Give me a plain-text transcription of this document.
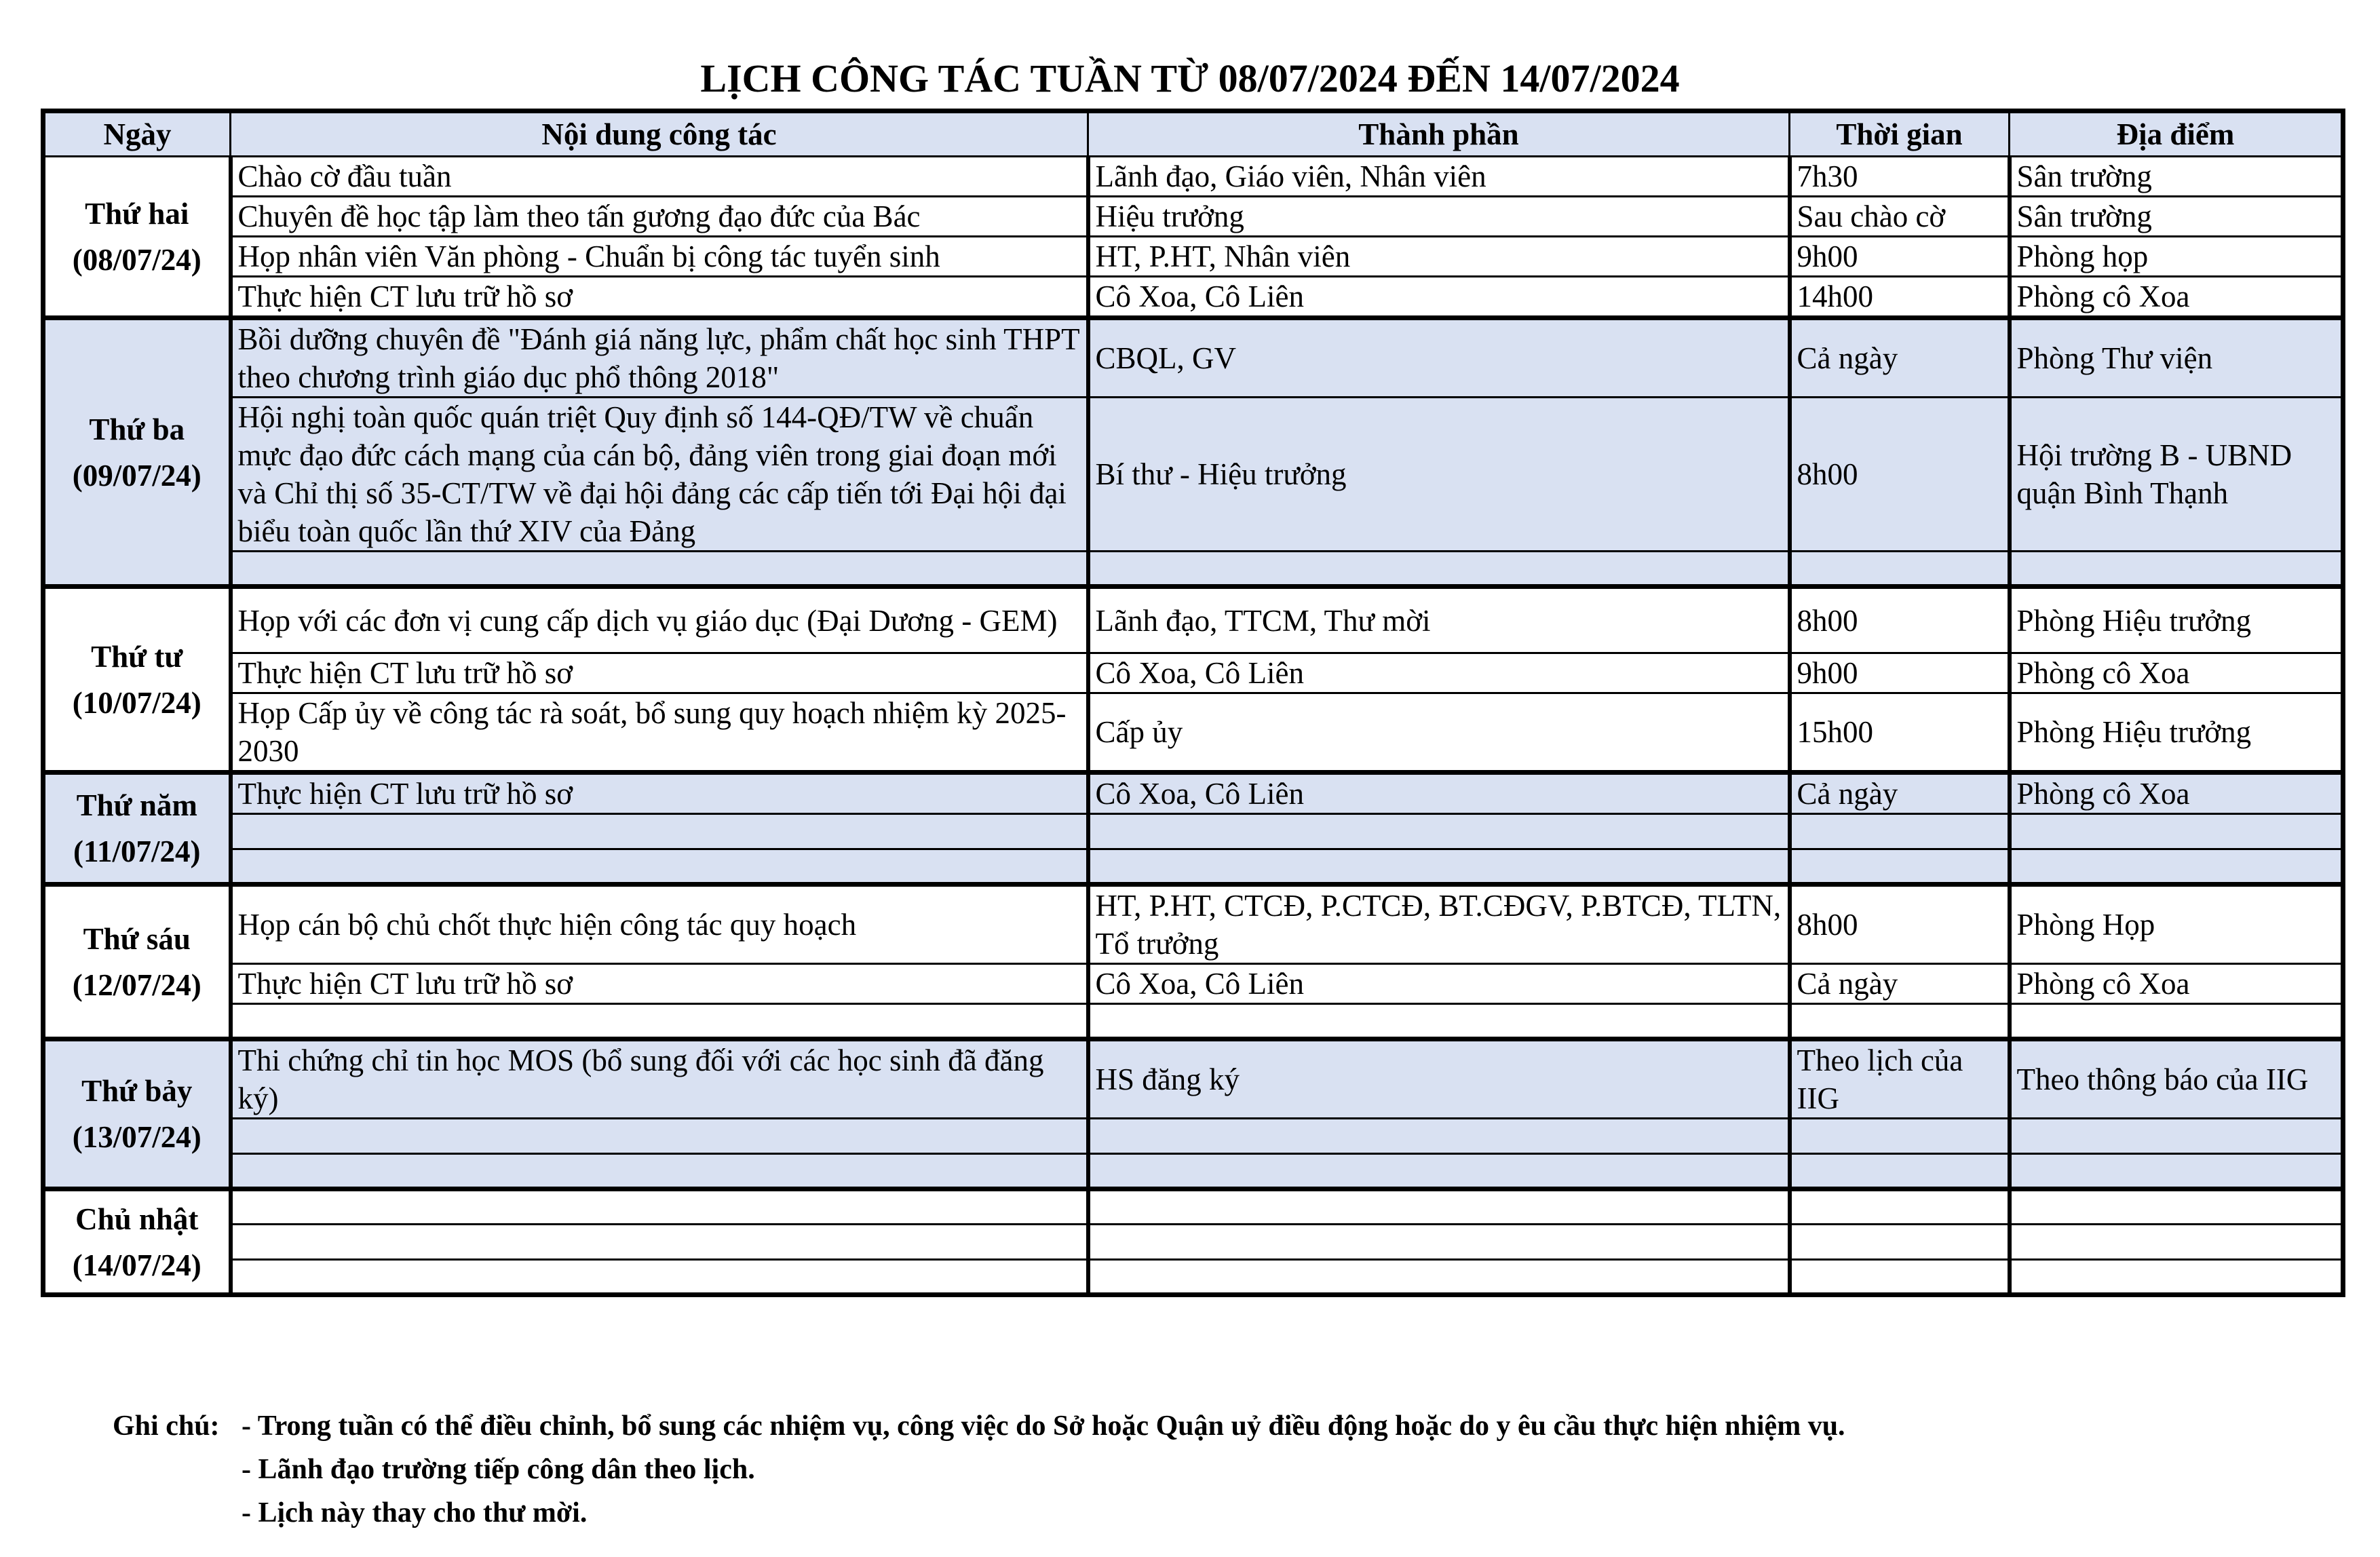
LỊCH CÔNG TÁC TUẦN TỪ 08/07/2024 ĐẾN 14/07/2024
Ngày	Nội dung công tác	Thành phần	Thời gian	Địa điểm

Thứ hai
(08/07/24)	Chào cờ đầu tuần	Lãnh đạo, Giáo viên, Nhân viên	7h30	Sân trường
	Chuyên đề học tập làm theo tấn gương đạo đức của Bác	Hiệu trưởng	Sau chào cờ	Sân trường
	Họp nhân viên Văn phòng - Chuẩn bị công tác tuyển sinh	HT, P.HT, Nhân viên	9h00	Phòng họp
	Thực hiện CT lưu trữ hồ sơ	Cô Xoa, Cô Liên	14h00	Phòng cô Xoa

Thứ ba
(09/07/24)	Bồi dưỡng chuyên đề "Đánh giá năng lực, phẩm chất học sinh THPT theo chương trình giáo dục phổ thông 2018"	CBQL, GV	Cả ngày	Phòng Thư viện
	Hội nghị toàn quốc quán triệt Quy định số 144-QĐ/TW về chuẩn mực đạo đức cách mạng của cán bộ, đảng viên trong giai đoạn mới và Chỉ thị số 35-CT/TW về đại hội đảng các cấp tiến tới Đại hội đại biểu toàn quốc lần thứ XIV của Đảng	Bí thư - Hiệu trưởng	8h00	Hội trường B - UBND quận Bình Thạnh

Thứ tư
(10/07/24)	Họp với các đơn vị cung cấp dịch vụ giáo dục (Đại Dương - GEM)	Lãnh đạo, TTCM, Thư mời	8h00	Phòng Hiệu trưởng
	Thực hiện CT lưu trữ hồ sơ	Cô Xoa, Cô Liên	9h00	Phòng cô Xoa
	Họp Cấp ủy về công tác rà soát, bổ sung quy hoạch nhiệm kỳ 2025-2030	Cấp ủy	15h00	Phòng Hiệu trưởng

Thứ năm
(11/07/24)	Thực hiện CT lưu trữ hồ sơ	Cô Xoa, Cô Liên	Cả ngày	Phòng cô Xoa

Thứ sáu
(12/07/24)	Họp cán bộ chủ chốt thực hiện công tác quy hoạch	HT, P.HT, CTCĐ, P.CTCĐ, BT.CĐGV, P.BTCĐ, TLTN, Tổ trưởng	8h00	Phòng Họp
	Thực hiện CT lưu trữ hồ sơ	Cô Xoa, Cô Liên	Cả ngày	Phòng cô Xoa

Thứ bảy
(13/07/24)	Thi chứng chỉ tin học MOS (bổ sung đối với các học sinh đã đăng ký)	HS đăng ký	Theo lịch của IIG	Theo thông báo của IIG

Chủ nhật
(14/07/24)				

Ghi chú: - Trong tuần có thể điều chỉnh, bổ sung các nhiệm vụ, công việc do Sở hoặc Quận uỷ điều động hoặc do y êu cầu thực hiện nhiệm vụ.
- Lãnh đạo trường tiếp công dân theo lịch.
- Lịch này thay cho thư mời.
